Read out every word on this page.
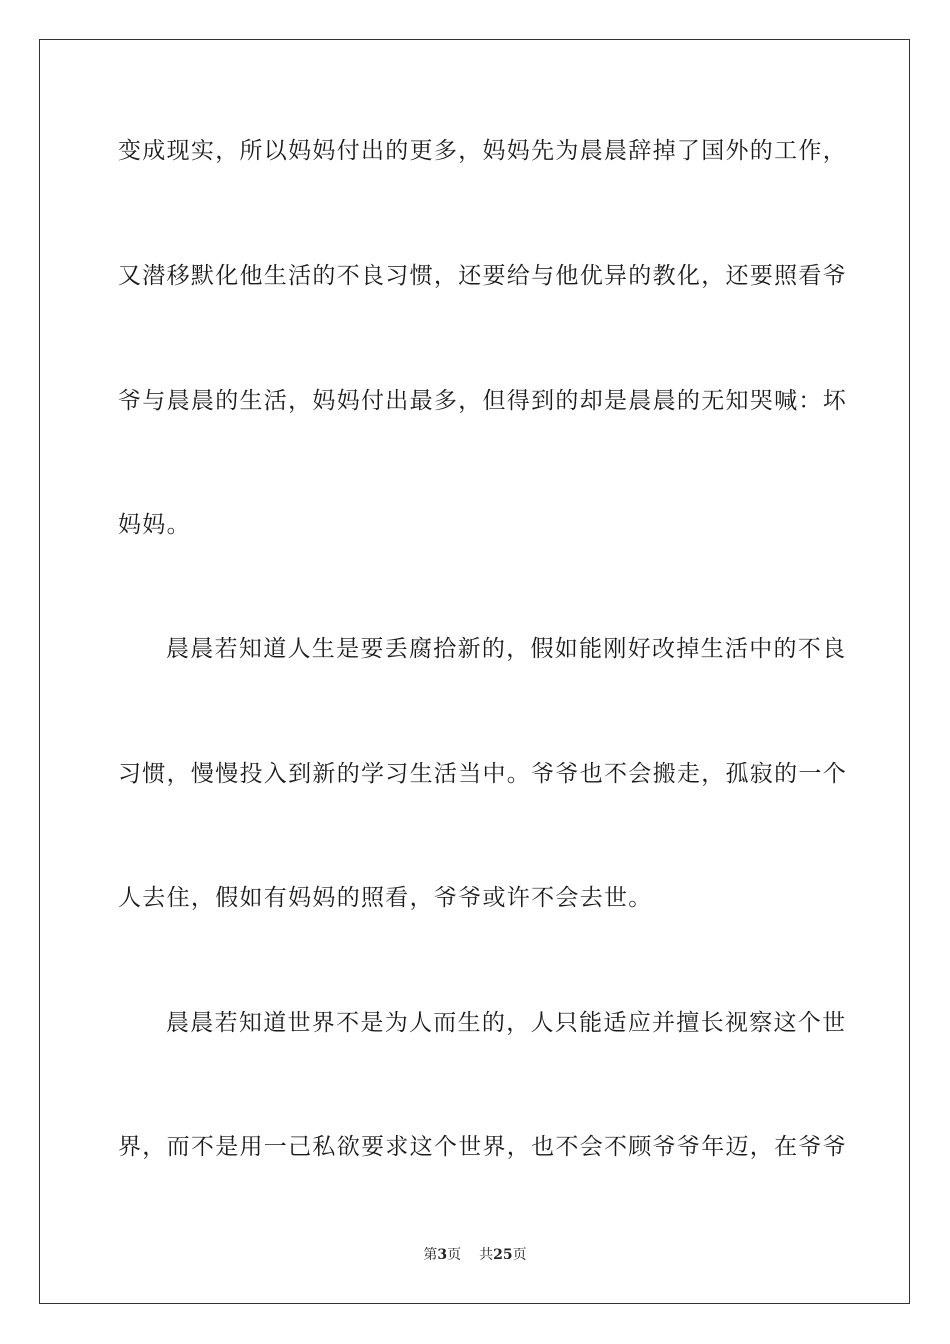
变成现实，所以妈妈付出的更多，妈妈先为晨晨辞掉了国外的工作，
又潜移默化他生活的不良习惯，还要给与他优异的教化，还要照看爷
爷与晨晨的生活，妈妈付出最多，但得到的却是晨晨的无知哭喊：坏
妈妈。
晨晨若知道人生是要丢腐拾新的，假如能刚好改掉生活中的不良
习惯，慢慢投入到新的学习生活当中。爷爷也不会搬走，孤寂的一个
人去住，假如有妈妈的照看，爷爷或许不会去世。
晨晨若知道世界不是为人而生的，人只能适应并擅长视察这个世
界，而不是用一己私欲要求这个世界，也不会不顾爷爷年迈，在爷爷
第3页 共25页
